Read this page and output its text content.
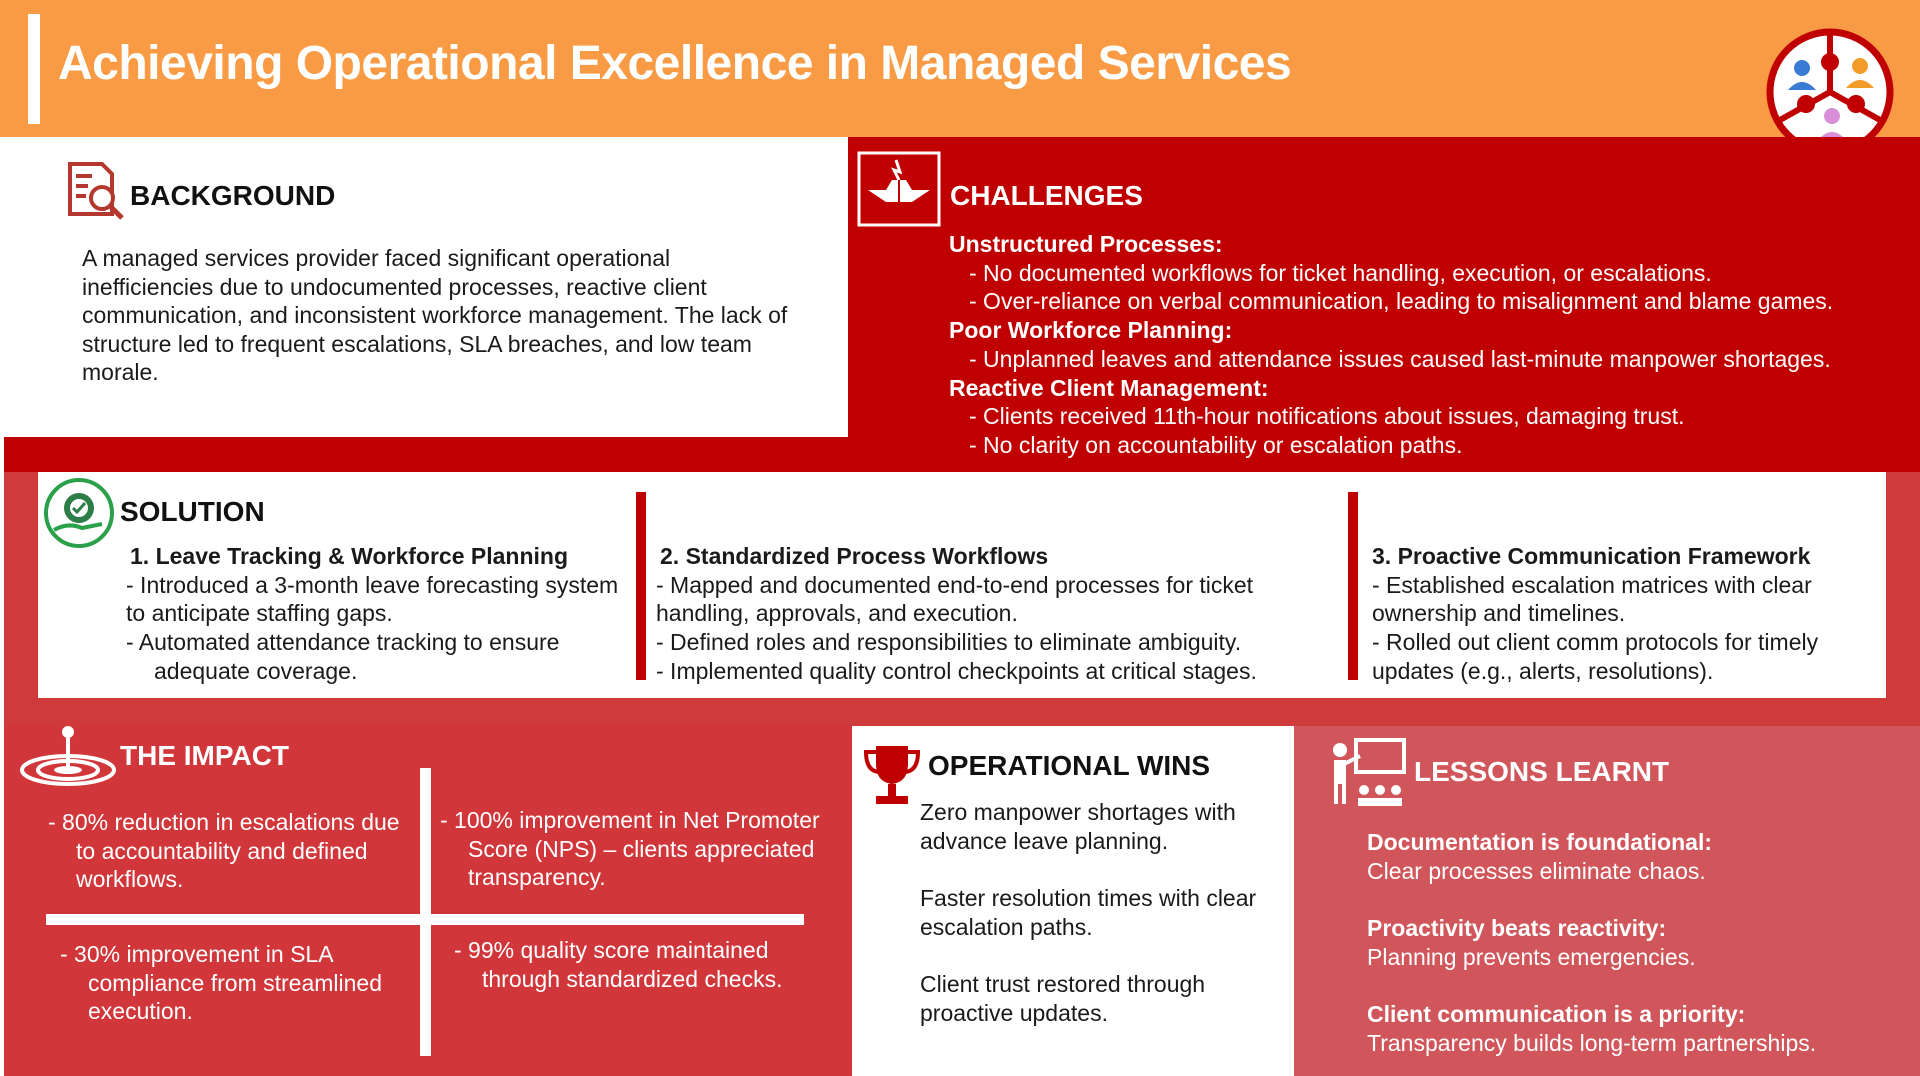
Achieving Operational Excellence in Managed Services
BACKGROUND
A managed services provider faced significant operational inefficiencies due to undocumented processes, reactive client communication, and inconsistent workforce management. The lack of structure led to frequent escalations, SLA breaches, and low team morale.
CHALLENGES
Unstructured Processes:
- No documented workflows for ticket handling, execution, or escalations.
- Over-reliance on verbal communication, leading to misalignment and blame games.
Poor Workforce Planning:
- Unplanned leaves and attendance issues caused last-minute manpower shortages.
Reactive Client Management:
- Clients received 11th-hour notifications about issues, damaging trust.
- No clarity on accountability or escalation paths.
SOLUTION
1. Leave Tracking & Workforce Planning
- Introduced a 3-month leave forecasting system to anticipate staffing gaps.
- Automated attendance tracking to ensure adequate coverage.
2. Standardized Process Workflows
- Mapped and documented end-to-end processes for ticket handling, approvals, and execution.
- Defined roles and responsibilities to eliminate ambiguity.
- Implemented quality control checkpoints at critical stages.
3. Proactive Communication Framework
- Established escalation matrices with clear ownership and timelines.
- Rolled out client comm protocols for timely updates (e.g., alerts, resolutions).
THE IMPACT
- 80% reduction in escalations due to accountability and defined workflows.
- 100% improvement in Net Promoter Score (NPS) – clients appreciated transparency.
- 30% improvement in SLA compliance from streamlined execution.
- 99% quality score maintained through standardized checks.
OPERATIONAL WINS
Zero manpower shortages with advance leave planning.
Faster resolution times with clear escalation paths.
Client trust restored through proactive updates.
LESSONS LEARNT
Documentation is foundational:
Clear processes eliminate chaos.
Proactivity beats reactivity:
Planning prevents emergencies.
Client communication is a priority:
Transparency builds long-term partnerships.
